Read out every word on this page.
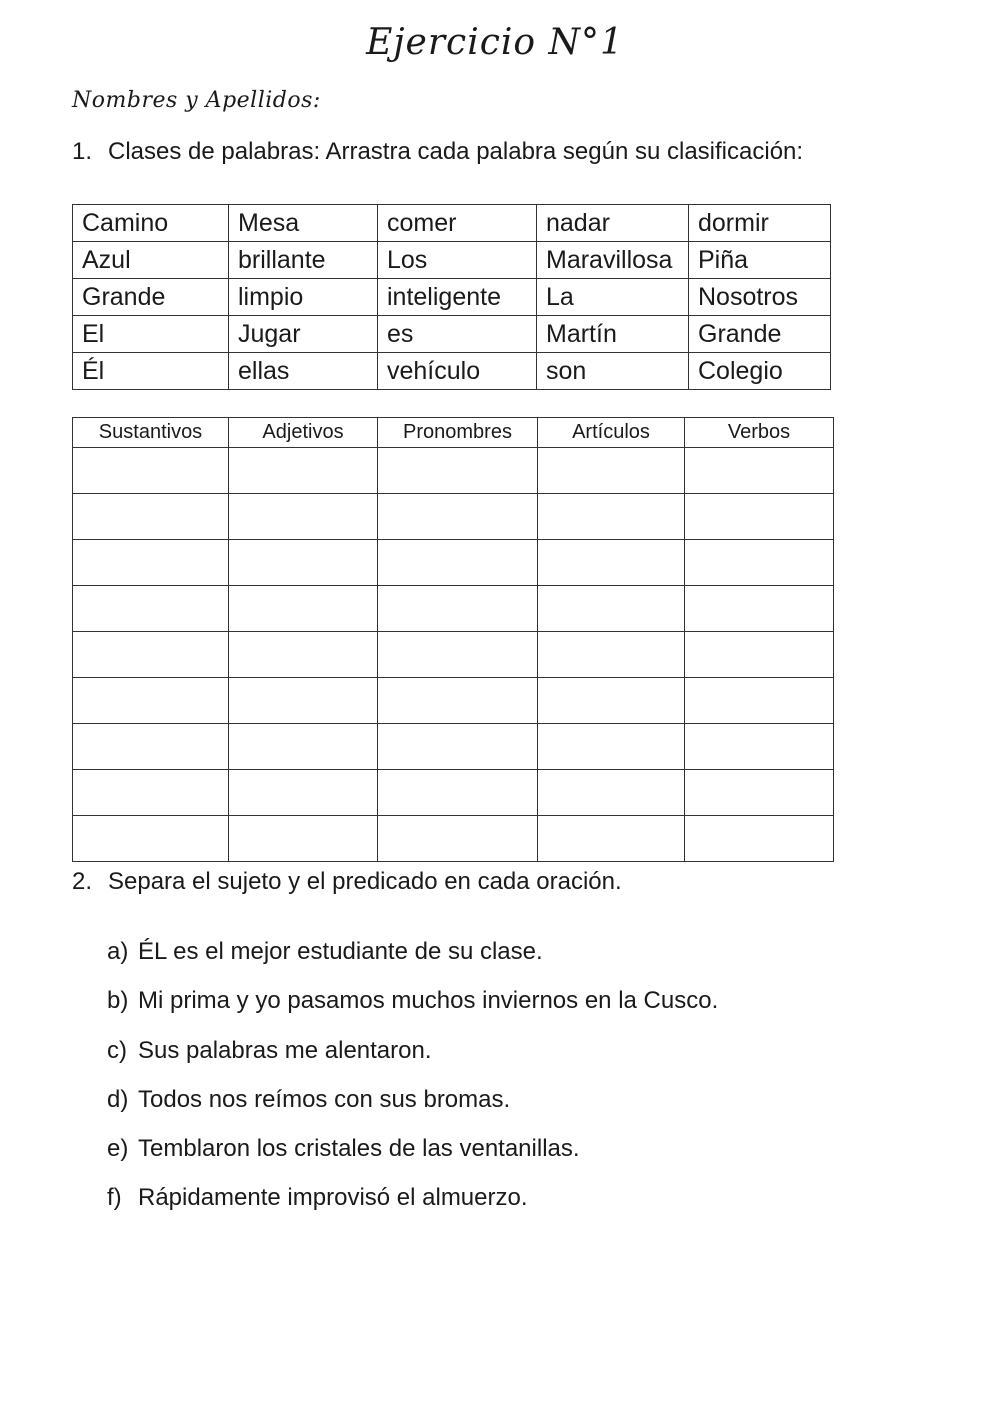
Ejercicio N°1
Nombres y Apellidos:
1. Clases de palabras: Arrastra cada palabra según su clasificación:
Camino	Mesa	comer	nadar	dormir
Azul	brillante	Los	Maravillosa	Piña
Grande	limpio	inteligente	La	Nosotros
El	Jugar	es	Martín	Grande
Él	ellas	vehículo	son	Colegio
Sustantivos	Adjetivos	Pronombres	Artículos	Verbos

2. Separa el sujeto y el predicado en cada oración.
a) ÉL es el mejor estudiante de su clase.
b) Mi prima y yo pasamos muchos inviernos en la Cusco.
c) Sus palabras me alentaron.
d) Todos nos reímos con sus bromas.
e) Temblaron los cristales de las ventanillas.
f) Rápidamente improvisó el almuerzo.
